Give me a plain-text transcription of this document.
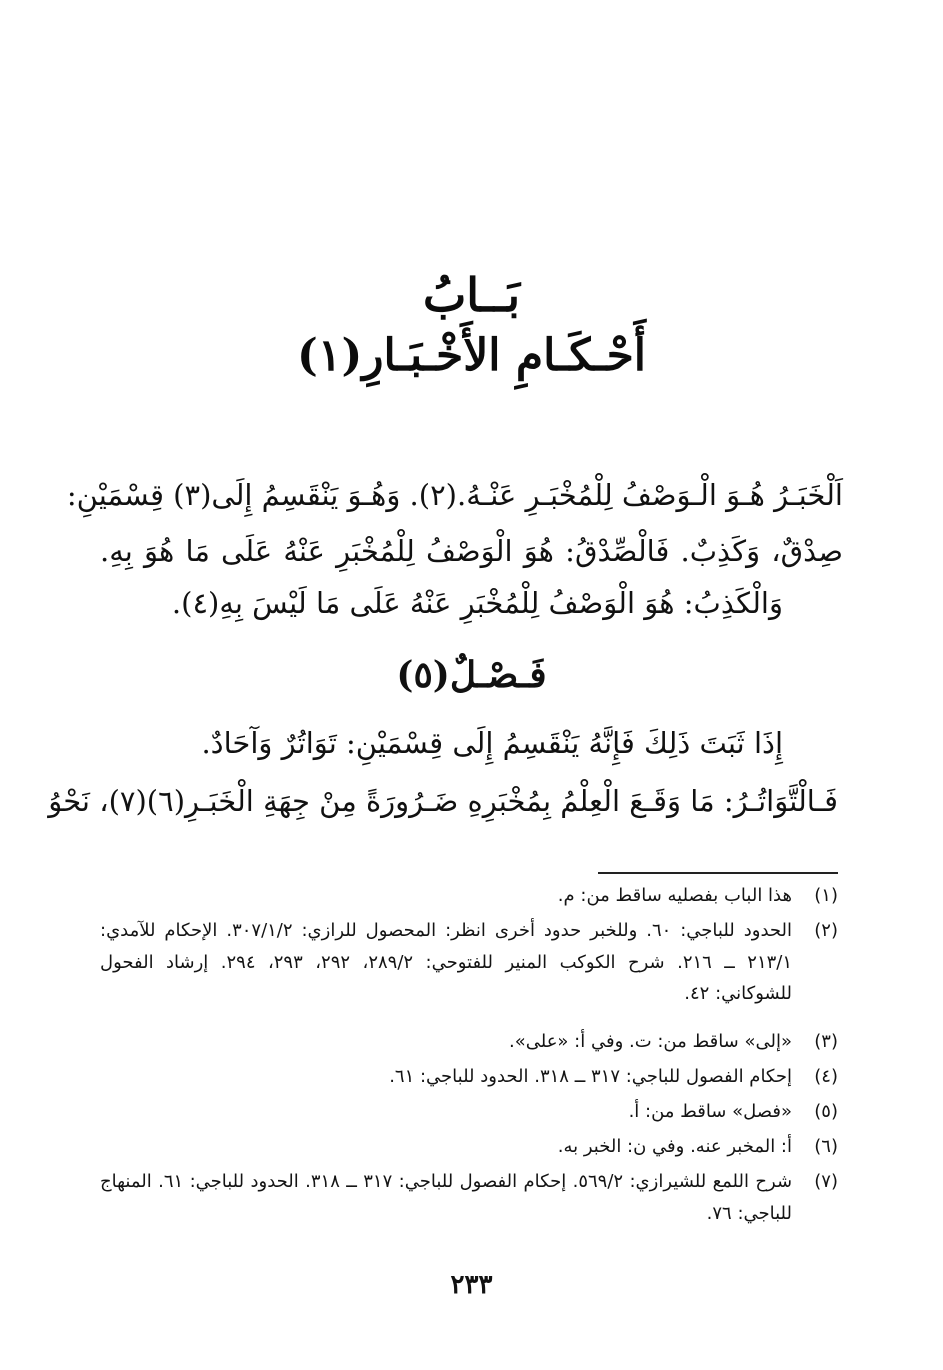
بَــابُ
أَحْـكَـامِ الأَخْـبَـارِ(١)
اَلْخَبَـرُ هُـوَ الْـوَصْفُ لِلْمُخْبَـرِ عَنْـهُ.(٢). وَهُـوَ يَنْقَسِمُ إِلَى(٣) قِسْمَيْنِ:
صِدْقٌ، وَكَذِبٌ. فَالْصِّدْقُ: هُوَ الْوَصْفُ لِلْمُخْبَرِ عَنْهُ عَلَى مَا هُوَ بِهِ.
وَالْكَذِبُ: هُوَ الْوَصْفُ لِلْمُخْبَرِ عَنْهُ عَلَى مَا لَيْسَ بِهِ(٤).
فَـصْـلٌ(٥)
إِذَا ثَبَتَ ذَلِكَ فَإِنَّهُ يَنْقَسِمُ إِلَى قِسْمَيْنِ: تَوَاتُرٌ وَآحَادٌ.
فَـالْتَّوَاتُـرُ: مَا وَقَـعَ الْعِلْمُ بِمُخْبَرِهِ ضَـرُورَةً مِنْ جِهَةِ الْخَبَـرِ(٦)(٧)، نَحْوُ
(١)
هذا الباب بفصليه ساقط من: م.
(٢)
الحدود للباجي: ٦٠. وللخبر حدود أخرى انظر: المحصول للرازي: ٣٠٧/١/٢. الإحكام للآمدي: ٢١٣/١ ــ ٢١٦. شرح الكوكب المنير للفتوحي: ٢٨٩/٢، ٢٩٢، ٢٩٣، ٢٩٤. إرشاد الفحول للشوكاني: ٤٢.
(٣)
«إلى» ساقط من: ت. وفي أ: «على».
(٤)
إحكام الفصول للباجي: ٣١٧ ــ ٣١٨. الحدود للباجي: ٦١.
(٥)
«فصل» ساقط من: أ.
(٦)
أ: المخبر عنه. وفي ن: الخبر به.
(٧)
شرح اللمع للشيرازي: ٥٦٩/٢. إحكام الفصول للباجي: ٣١٧ ــ ٣١٨. الحدود للباجي: ٦١. المنهاج للباجي: ٧٦.
٢٣٣
